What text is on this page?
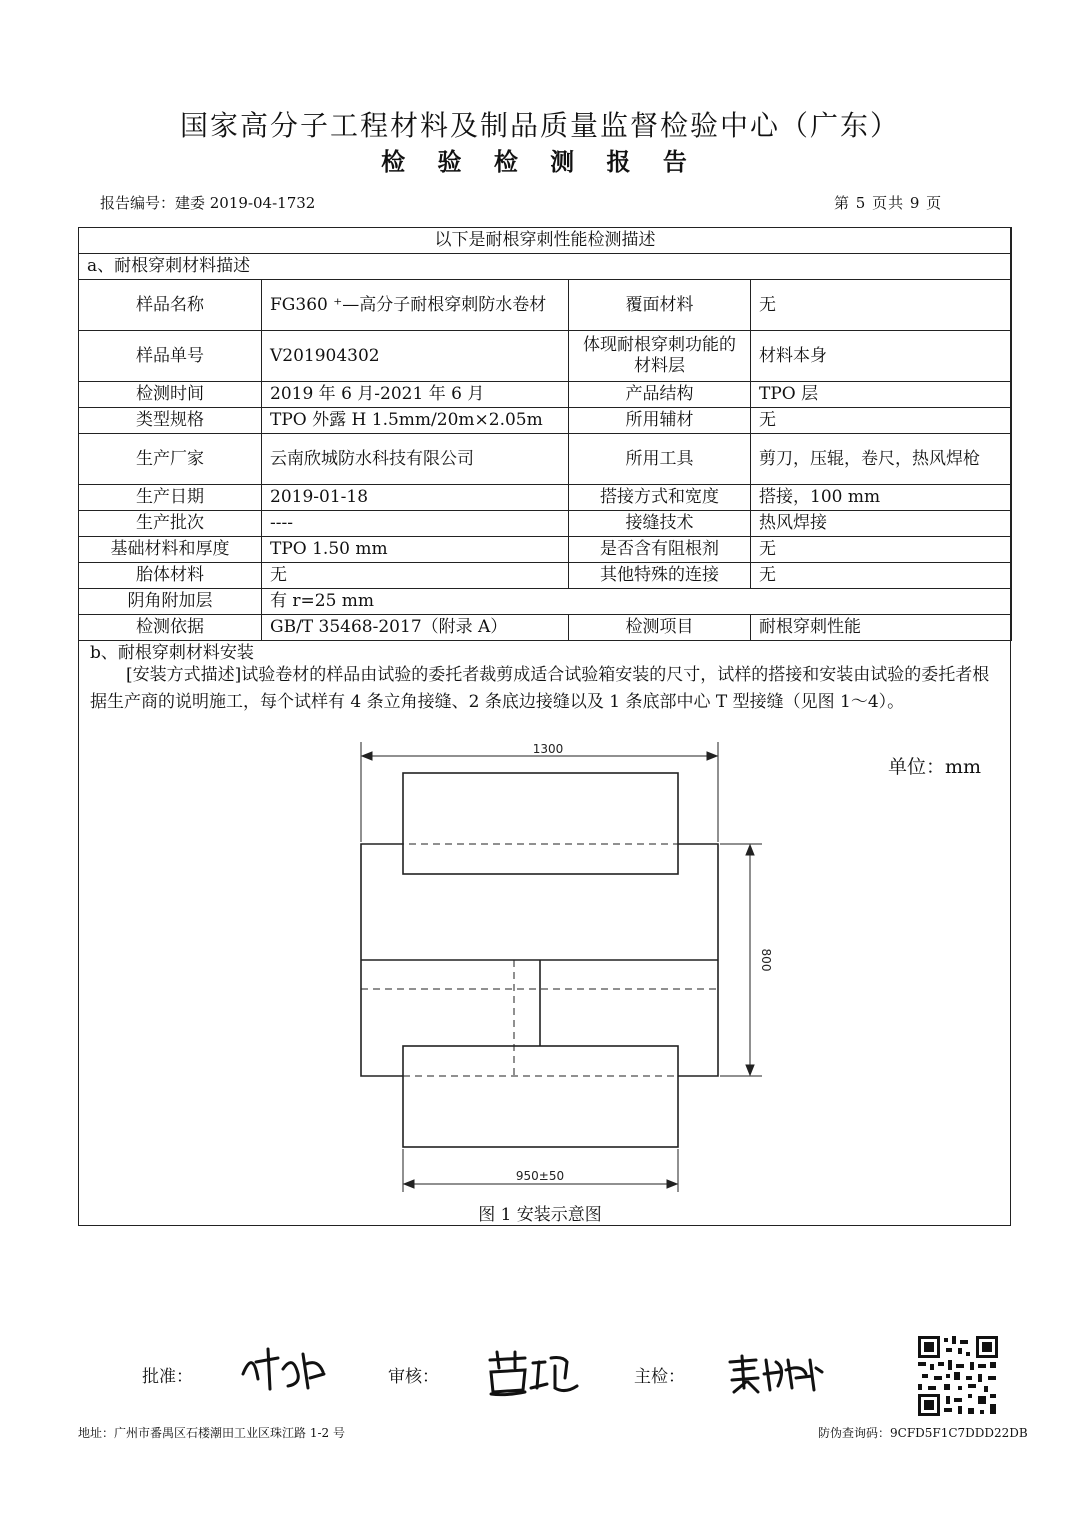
国家高分子工程材料及制品质量监督检验中心（广东）
检 验 检 测 报 告
报告编号：建委 2019-04-1732	第 5 页共 9 页
以下是耐根穿刺性能检测描述			
a、耐根穿刺材料描述			
样品名称	FG360 ⁺—高分子耐根穿刺防水卷材	覆面材料	无
样品单号	V201904302	体现耐根穿刺功能的材料层	材料本身
检测时间	2019 年 6 月-2021 年 6 月	产品结构	TPO 层
类型规格	TPO 外露 H 1.5mm/20m×2.05m	所用辅材	无
生产厂家	云南欣城防水科技有限公司	所用工具	剪刀，压辊，卷尺，热风焊枪
生产日期	2019-01-18	搭接方式和宽度	搭接，100 mm
生产批次	----	接缝技术	热风焊接
基础材料和厚度	TPO 1.50 mm	是否含有阻根剂	无
胎体材料	无	其他特殊的连接	无
阴角附加层	有 r=25 mm		
检测依据	GB/T 35468-2017（附录 A）	检测项目	耐根穿刺性能
b、耐根穿刺材料安装
[安装方式描述]试验卷材的样品由试验的委托者裁剪成适合试验箱安装的尺寸，试样的搭接和安装由试验的委托者根据生产商的说明施工，每个试样有 4 条立角接缝、2 条底边接缝以及 1 条底部中心 T 型接缝（见图 1～4）。
单位：mm
1300
800
950±50
图 1 安装示意图
批准：	审核：	主检：
地址：广州市番禺区石楼潮田工业区珠江路 1-2 号	防伪查询码：9CFD5F1C7DDD22DB
